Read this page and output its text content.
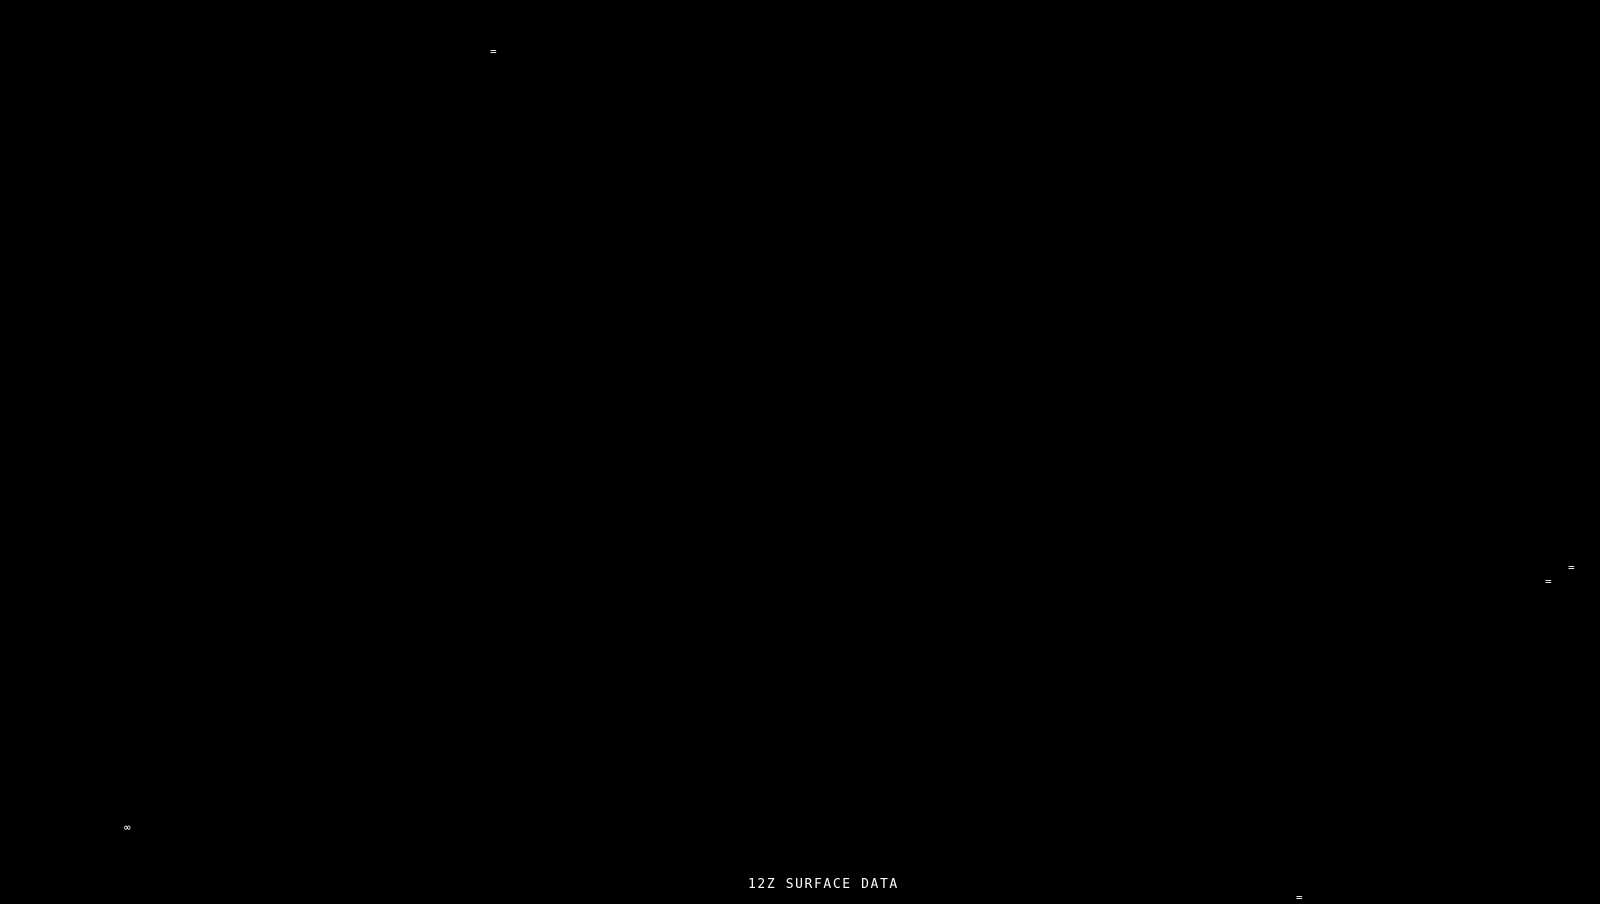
=
=
=
∞
=
12Z SURFACE DATA
